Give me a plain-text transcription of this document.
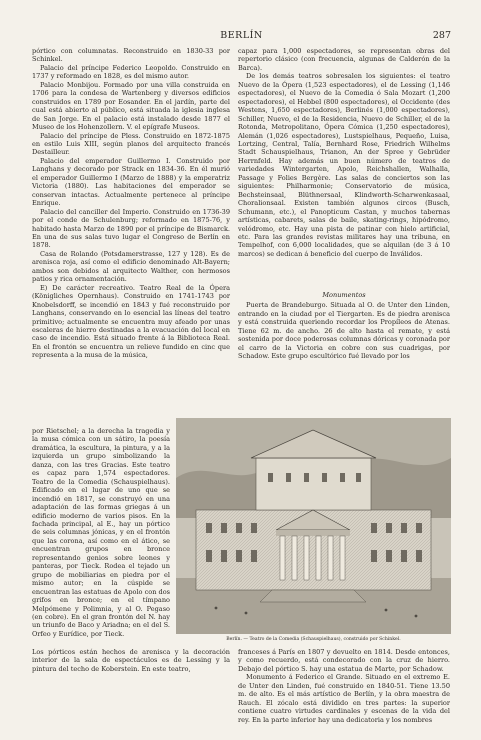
BERLÍN	287

pórtico con columnatas. Reconstruido en 1830-33 por Schinkel.

Palacio del príncipe Federico Leopoldo. Construido en 1737 y reformado en 1828, es del mismo autor.

Palacio Monbijou. Formado por una villa construida en 1706 para la condesa de Wartenberg y diversos edificios construidos en 1789 por Eosander. En el jardín, parte del cual está abierto al público, está situada la iglesia inglesa de San Jorge. En el palacio está instalado desde 1877 el Museo de los Hohenzollern. V. el epígrafe Museos.

Palacio del príncipe de Pless. Construido en 1872-1875 en estilo Luis XIII, según planos del arquitecto francés Destailleur.

Palacio del emperador Guillermo I. Construido por Langhans y decorado por Strack en 1834-36. En él murió el emperador Guillermo I (Marzo de 1888) y la emperatriz Victoria (1880). Las habitaciones del emperador se conservan intactas. Actualmente pertenece al príncipe Enrique.

Palacio del canciller del Imperio. Construido en 1736-39 por el conde de Schulenburg; reformado en 1875-76, y habitado hasta Marzo de 1890 por el príncipe de Bismarck. En una de sus salas tuvo lugar el Congreso de Berlín en 1878.

Casa de Rolando (Potsdamerstrasse, 127 y 128). Es de arenisca roja, así como el edificio denominado Alt-Bayern; ambos son debidos al arquitecto Walther, con hermosos patios y rica ornamentación.

E) De carácter recreativo. Teatro Real de la Ópera (Königliches Opernhaus). Construido en 1741-1743 por Knobelsdorff, se incendió en 1843 y fué reconstruido por Langhans, conservando en lo esencial las líneas del teatro primitivo; actualmente se encuentra muy afeado por unas escaleras de hierro destinadas a la evacuación del local en caso de incendio. Está situado frente á la Biblioteca Real. En el frontón se encuentra un relieve fundido en cinc que representa a la musa de la música,

por Rietschel; a la derecha la tragedia y la musa cómica con un sátiro, la poesía dramática, la escultura, la pintura, y a la izquierda un grupo simbolizando la danza, con las tres Gracias. Este teatro es capaz para 1,574 espectadores. Teatro de la Comedia (Schauspielhaus). Edificado en el lugar de uno que se incendió en 1817, se construyó en una adaptación de las formas griegas á un edificio moderno de varios pisos. En la fachada principal, al E., hay un pórtico de seis columnas jónicas, y en el frontón que las corona, así como en el ático, se encuentran grupos en bronce representando genios sobre leones y panteras, por Tieck. Rodea el tejado un grupo de mobiliarias en piedra por el mismo autor; en la cúspide se encuentran las estatuas de Apolo con dos grifos en bronce; en el tímpano Melpómene y Polimnia, y al O. Pegaso (en cobre). En el gran frontón del N. hay un triunfo de Baco y Ariadna; en el del S. Orfeo y Eurídice, por Tieck.

capaz para 1,000 espectadores, se representan obras del repertorio clásico (con frecuencia, algunas de Calderón de la Barca).

De los demás teatros sobresalen los siguientes: el teatro Nuevo de la Ópera (1,523 espectadores), el de Lessing (1,146 espectadores), el Nuevo de la Comedia ó Sala Mozart (1,200 espectadores), el Hebbel (800 espectadores), el Occidente (des Westens, 1,650 espectadores), Berlinés (1,000 espectadores), Schiller, Nuevo, el de la Residencia, Nuevo de Schiller, el de la Rotonda, Metropolitano, Ópera Cómica (1,250 espectadores), Alemán (1,026 espectadores), Lustspielhaus, Pequeño, Luisa, Lortzing, Central, Talía, Bernhard Rose, Friedrich Wilhelms Stadt Schauspielhaus, Trianon, An der Spree y Gebrüder Herrnfeld. Hay además un buen número de teatros de variedades Wintergarten, Apolo, Reichshallen, Walhalla, Passage y Folies Bergère. Las salas de conciertos son las siguientes: Philharmonie; Conservatorio de música, Bechsteinsaal, Blüthnersaal, Klindworth-Scharwenkasaal, Choralionsaal. Existen también algunos circos (Busch, Schumann, etc.), el Panopticum Castan, y muchos tabernas artísticas, cabarets, salas de baile, skating-rings, hipódromo, velódromo, etc. Hay una pista de patinar con hielo artificial, etc. Para las grandes revistas militares hay una tribuna, en Tempelhof, con 6,000 localidades, que se alquilan (de 3 á 10 marcos) se dedican á beneficio del cuerpo de Inválidos.

Monumentos

Puerta de Brandeburgo. Situada al O. de Unter den Linden, entrando en la ciudad por el Tiergarten. Es de piedra arenisca y está construida queriendo recordar los Propíleos de Atenas. Tiene 62 m. de ancho. 26 de alto hasta el remate, y está sostenida por doce poderosas columnas dóricas y coronada por el carro de la Victoria en cobre con sus cuadrigas, por Schadow. Este grupo escultórico fué llevado por los

Berlín. — Teatro de la Comedia (Schauspielhaus), construido por Schinkel.

Los pórticos están hechos de arenisca y la decoración interior de la sala de espectáculos es de Lessing y la pintura del techo de Koberstein. En este teatro,

franceses á París en 1807 y devuelto en 1814. Desde entonces, y como recuerdo, está condecorado con la cruz de hierro. Debajo del pórtico S. hay una estatua de Marte, por Schadow.

Monumento á Federico el Grande. Situado en el extremo E. de Unter den Linden, fué construido en 1840-51. Tiene 13.50 m. de alto. Es el más artístico de Berlín, y la obra maestra de Rauch. El zócalo está dividido en tres partes: la superior contiene cuatro virtudes cardinales y escenas de la vida del rey. En la parte inferior hay una dedicatoria y los nombres
